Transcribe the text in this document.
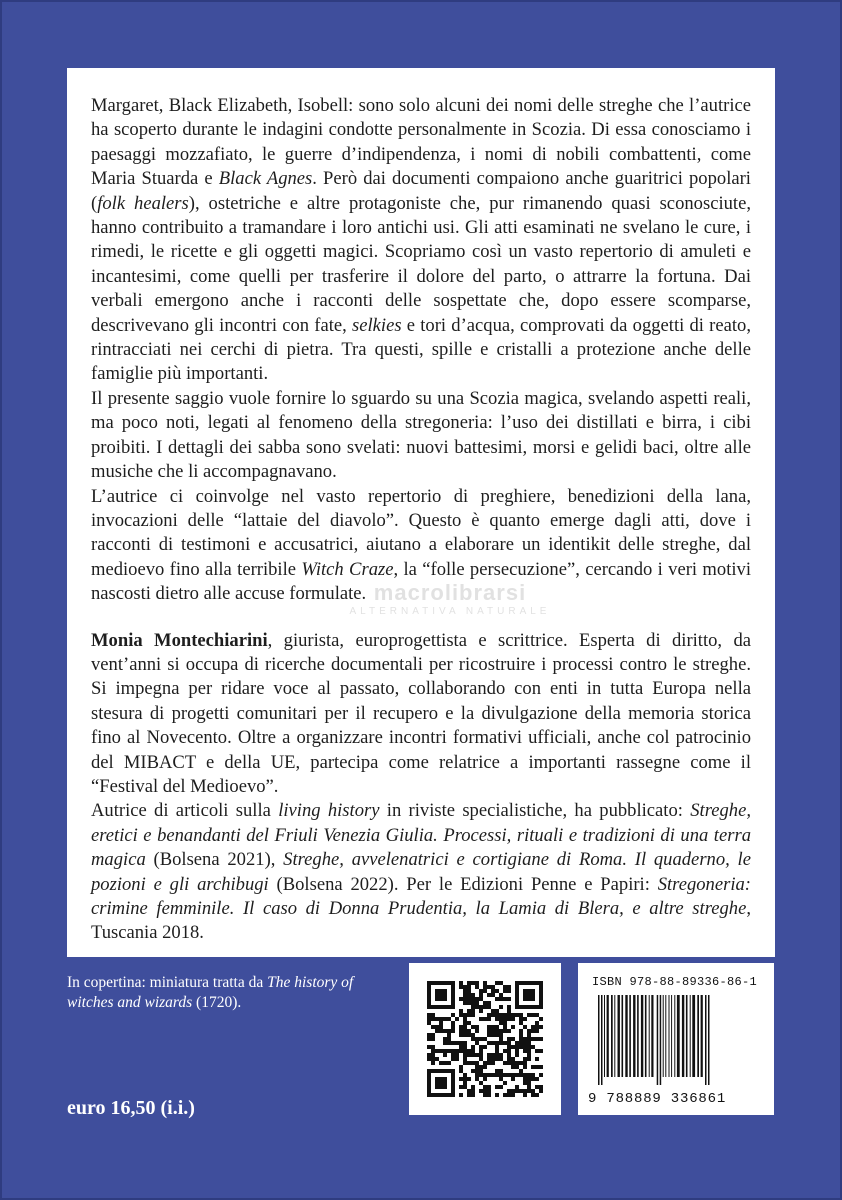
Margaret, Black Elizabeth, Isobell: sono solo alcuni dei nomi delle streghe che l’autrice ha scoperto durante le indagini condotte personalmente in Scozia. Di essa conosciamo i paesaggi mozzafiato, le guerre d’indipendenza, i nomi di nobili combattenti, come Maria Stuarda e Black Agnes. Però dai documenti compaiono anche guaritrici popolari (folk healers), ostetriche e altre protagoniste che, pur rimanendo quasi sconosciute, hanno contribuito a tramandare i loro antichi usi. Gli atti esaminati ne svelano le cure, i rimedi, le ricette e gli oggetti magici. Scopriamo così un vasto repertorio di amuleti e incantesimi, come quelli per trasferire il dolore del parto, o attrarre la fortuna. Dai verbali emergono anche i racconti delle sospettate che, dopo essere scomparse, descrivevano gli incontri con fate, selkies e tori d’acqua, comprovati da oggetti di reato, rintracciati nei cerchi di pietra. Tra questi, spille e cristalli a protezione anche delle famiglie più importanti.

Il presente saggio vuole fornire lo sguardo su una Scozia magica, svelando aspetti reali, ma poco noti, legati al fenomeno della stregoneria: l’uso dei distillati e birra, i cibi proibiti. I dettagli dei sabba sono svelati: nuovi battesimi, morsi e gelidi baci, oltre alle musiche che li accompagnavano.

L’autrice ci coinvolge nel vasto repertorio di preghiere, benedizioni della lana, invocazioni delle “lattaie del diavolo”. Questo è quanto emerge dagli atti, dove i racconti di testimoni e accusatrici, aiutano a elaborare un identikit delle streghe, dal medioevo fino alla terribile Witch Craze, la “folle persecuzione”, cercando i veri motivi nascosti dietro alle accuse formulate.

Monia Montechiarini, giurista, europrogettista e scrittrice. Esperta di diritto, da vent’anni si occupa di ricerche documentali per ricostruire i processi contro le streghe. Si impegna per ridare voce al passato, collaborando con enti in tutta Europa nella stesura di progetti comunitari per il recupero e la divulgazione della memoria storica fino al Novecento. Oltre a organizzare incontri formativi ufficiali, anche col patrocinio del MIBACT e della UE, partecipa come relatrice a importanti rassegne come il “Festival del Medioevo”.

Autrice di articoli sulla living history in riviste specialistiche, ha pubblicato: Streghe, eretici e benandanti del Friuli Venezia Giulia. Processi, rituali e tradizioni di una terra magica (Bolsena 2021), Streghe, avvelenatrici e cortigiane di Roma. Il quaderno, le pozioni e gli archibugi (Bolsena 2022). Per le Edizioni Penne e Papiri: Stregoneria: crimine femminile. Il caso di Donna Prudentia, la Lamia di Blera, e altre streghe, Tuscania 2018.

macrolibrarsi
ALTERNATIVA NATURALE
In copertina: miniatura tratta da The history of witches and wizards (1720).
euro 16,50 (i.i.)
ISBN 978-88-89336-86-1
9 788889 336861
